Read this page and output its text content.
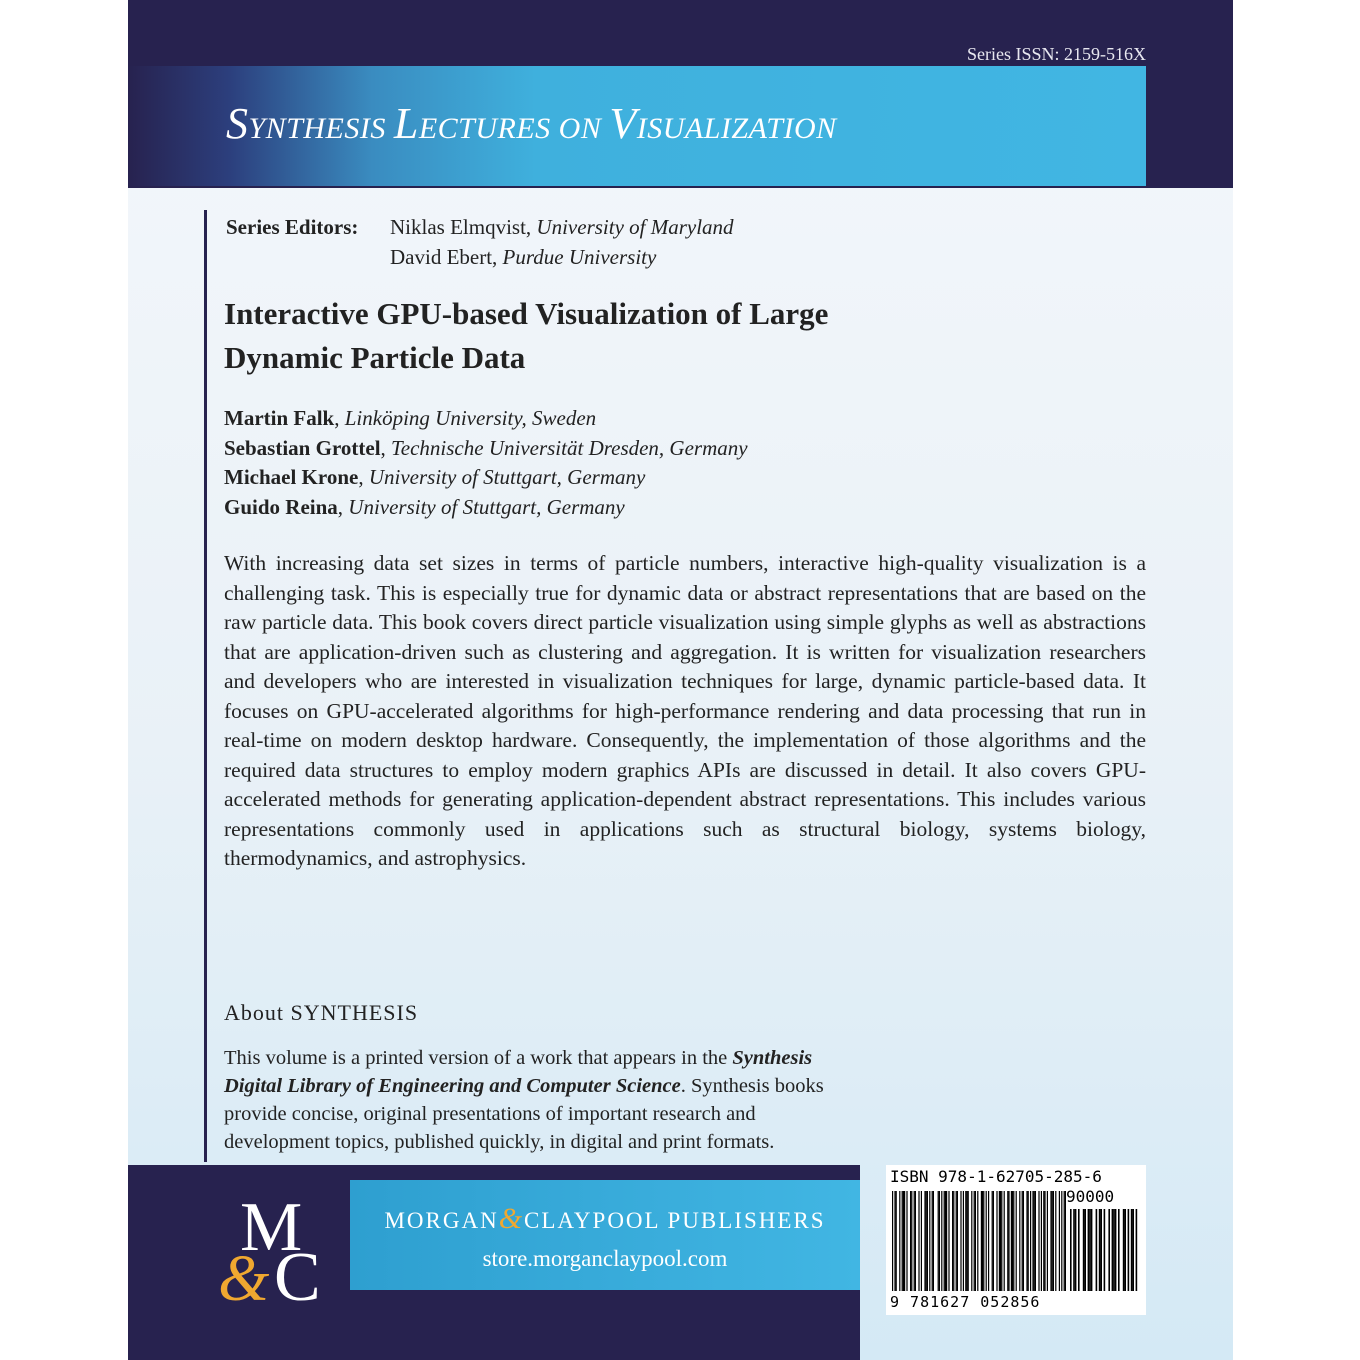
Series ISSN: 2159-516X
SYNTHESIS LECTURES ON VISUALIZATION
Series Editors: Niklas Elmqvist, University of Maryland
David Ebert, Purdue University
Interactive GPU-based Visualization of Large
Dynamic Particle Data
Martin Falk, Linköping University, Sweden
Sebastian Grottel, Technische Universität Dresden, Germany
Michael Krone, University of Stuttgart, Germany
Guido Reina, University of Stuttgart, Germany
With increasing data set sizes in terms of particle numbers, interactive high-quality visualization is a challenging task. This is especially true for dynamic data or abstract representations that are based on the raw particle data. This book covers direct particle visualization using simple glyphs as well as abstractions that are application-driven such as clustering and aggregation. It is written for visualization researchers and developers who are interested in visualization techniques for large, dynamic particle-based data. It focuses on GPU-accelerated algorithms for high-performance rendering and data processing that run in real-time on modern desktop hardware. Consequently, the implementation of those algorithms and the required data structures to employ modern graphics APIs are discussed in detail. It also covers GPU-accelerated methods for generating application-dependent abstract representations. This includes various representations commonly used in applications such as structural biology, systems biology, thermodynamics, and astrophysics.
About SYNTHESIS
This volume is a printed version of a work that appears in the Synthesis Digital Library of Engineering and Computer Science. Synthesis books provide concise, original presentations of important research and development topics, published quickly, in digital and print formats.
M
C
&
MORGAN&CLAYPOOL PUBLISHERS
store.morganclaypool.com
ISBN 978-1-62705-285-6
90000
9 781627 052856
